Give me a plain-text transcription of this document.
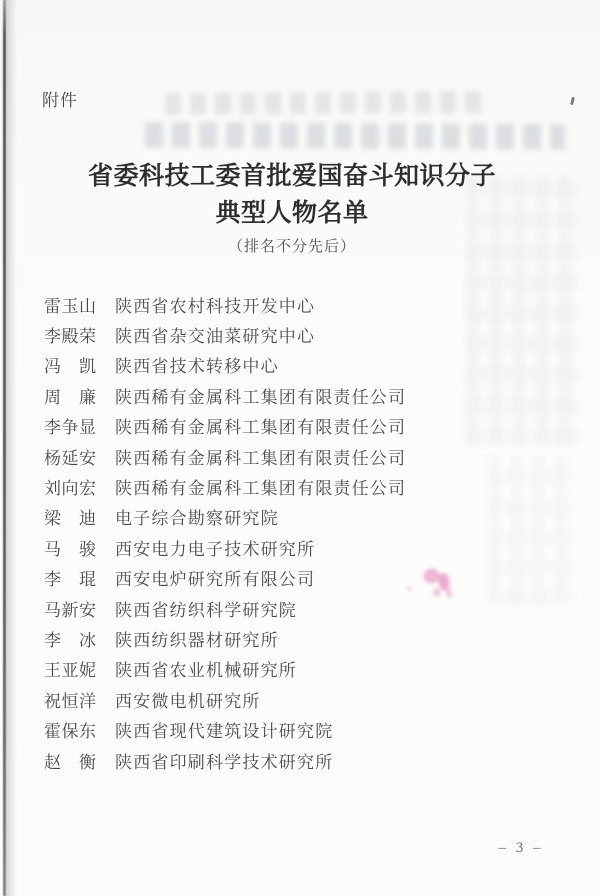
附件
省委科技工委首批爱国奋斗知识分子
典型人物名单
（排名不分先后）
雷玉山 陕西省农村科技开发中心
李殿荣 陕西省杂交油菜研究中心
冯凯 陕西省技术转移中心
周廉 陕西稀有金属科工集团有限责任公司
李争显 陕西稀有金属科工集团有限责任公司
杨延安 陕西稀有金属科工集团有限责任公司
刘向宏 陕西稀有金属科工集团有限责任公司
梁迪 电子综合勘察研究院
马骏 西安电力电子技术研究所
李琨 西安电炉研究所有限公司
马新安 陕西省纺织科学研究院
李冰 陕西纺织器材研究所
王亚妮 陕西省农业机械研究所
祝恒洋 西安微电机研究所
霍保东 陕西省现代建筑设计研究院
赵衡 陕西省印刷科学技术研究所
– 3 –
